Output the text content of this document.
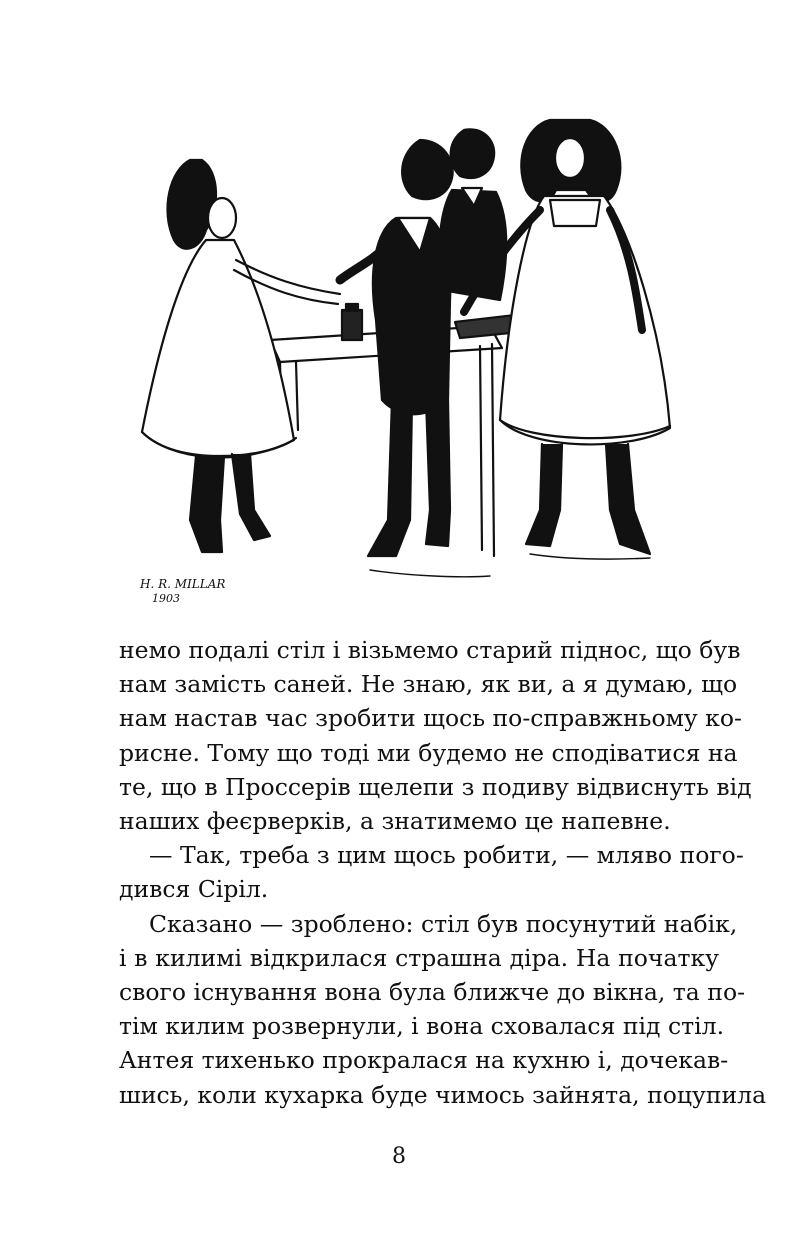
H. R. MILLAR
1903
немо подалі стіл і візьмемо старий піднос, що був
нам замість саней. Не знаю, як ви, а я думаю, що
нам настав час зробити щось по-справжньому ко-
рисне. Тому що тоді ми будемо не сподіватися на
те, що в Проссерів щелепи з подиву відвиснуть від
наших феєрверків, а знатимемо це напевне.
— Так, треба з цим щось робити, — мляво пого-
дився Сіріл.
Сказано — зроблено: стіл був посунутий набік,
і в килимі відкрилася страшна діра. На початку
свого існування вона була ближче до вікна, та по-
тім килим розвернули, і вона сховалася під стіл.
Антея тихенько прокралася на кухню і, дочекав-
шись, коли кухарка буде чимось зайнята, поцупила
8
